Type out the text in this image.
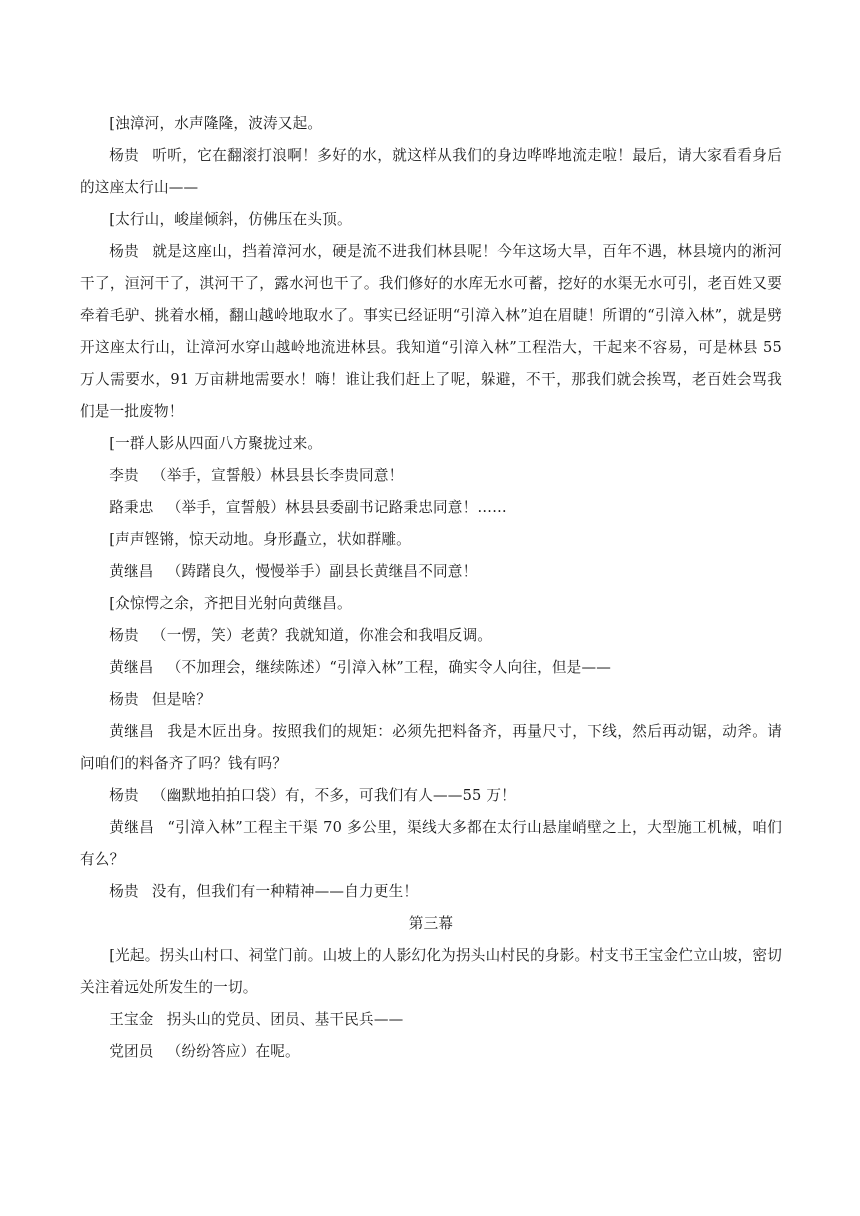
[浊漳河，水声隆隆，波涛又起。

杨贵 听听，它在翻滚打浪啊！多好的水，就这样从我们的身边哗哗地流走啦！最后，请大家看看身后的这座太行山——

[太行山，峻崖倾斜，仿佛压在头顶。

杨贵 就是这座山，挡着漳河水，硬是流不进我们林县呢！今年这场大旱，百年不遇，林县境内的淅河干了，洹河干了，淇河干了，露水河也干了。我们修好的水库无水可蓄，挖好的水渠无水可引，老百姓又要牵着毛驴、挑着水桶，翻山越岭地取水了。事实已经证明“引漳入林”迫在眉睫！所谓的“引漳入林”，就是劈开这座太行山，让漳河水穿山越岭地流进林县。我知道“引漳入林”工程浩大，干起来不容易，可是林县 55 万人需要水，91 万亩耕地需要水！嗨！谁让我们赶上了呢，躲避，不干，那我们就会挨骂，老百姓会骂我们是一批废物！

[一群人影从四面八方聚拢过来。

李贵 （举手，宣誓般）林县县长李贵同意！

路秉忠 （举手，宣誓般）林县县委副书记路秉忠同意！……

[声声铿锵，惊天动地。身形矗立，状如群雕。

黄继昌 （踌躇良久，慢慢举手）副县长黄继昌不同意！

[众惊愕之余，齐把目光射向黄继昌。

杨贵 （一愣，笑）老黄？我就知道，你准会和我唱反调。

黄继昌 （不加理会，继续陈述）“引漳入林”工程，确实令人向往，但是——

杨贵 但是啥？

黄继昌 我是木匠出身。按照我们的规矩：必须先把料备齐，再量尺寸，下线，然后再动锯，动斧。请问咱们的料备齐了吗？钱有吗？

杨贵 （幽默地拍拍口袋）有，不多，可我们有人——55 万！

黄继昌 “引漳入林”工程主干渠 70 多公里，渠线大多都在太行山悬崖峭壁之上，大型施工机械，咱们有么？

杨贵 没有，但我们有一种精神——自力更生！

第三幕

[光起。拐头山村口、祠堂门前。山坡上的人影幻化为拐头山村民的身影。村支书王宝金伫立山坡，密切关注着远处所发生的一切。

王宝金 拐头山的党员、团员、基干民兵——

党团员 （纷纷答应）在呢。
